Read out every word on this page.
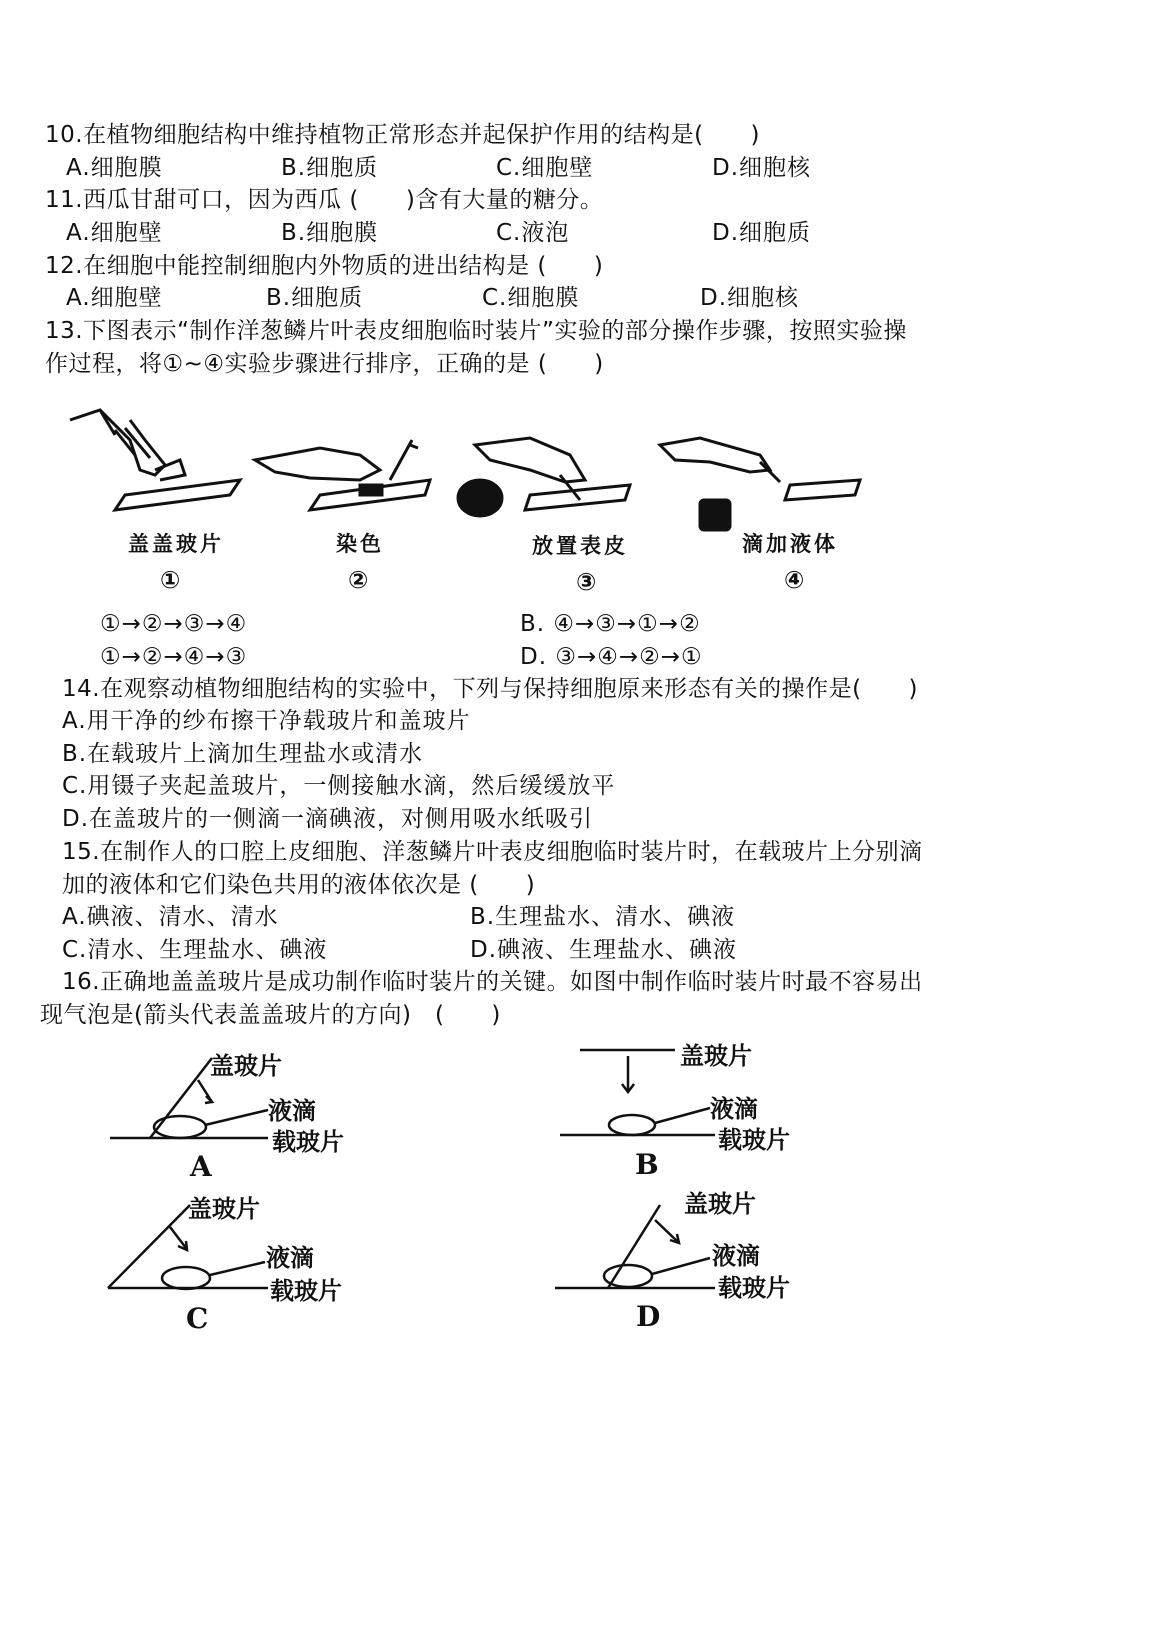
10.在植物细胞结构中维持植物正常形态并起保护作用的结构是(　　)
A.细胞膜	B.细胞质	C.细胞壁	D.细胞核
11.西瓜甘甜可口，因为西瓜 (　　)含有大量的糖分。
A.细胞壁	B.细胞膜	C.液泡	D.细胞质
12.在细胞中能控制细胞内外物质的进出结构是 (　　)
A.细胞壁	B.细胞质	C.细胞膜	D.细胞核
13.下图表示“制作洋葱鳞片叶表皮细胞临时装片”实验的部分操作步骤，按照实验操
作过程，将①~④实验步骤进行排序，正确的是 (　　)
盖盖玻片	染色	放置表皮	滴加液体
①	②	③	④
①→②→③→④	B. ④→③→①→②
①→②→④→③	D. ③→④→②→①
14.在观察动植物细胞结构的实验中，下列与保持细胞原来形态有关的操作是(　　)
A.用干净的纱布擦干净载玻片和盖玻片
B.在载玻片上滴加生理盐水或清水
C.用镊子夹起盖玻片，一侧接触水滴，然后缓缓放平
D.在盖玻片的一侧滴一滴碘液，对侧用吸水纸吸引
15.在制作人的口腔上皮细胞、洋葱鳞片叶表皮细胞临时装片时，在载玻片上分别滴
加的液体和它们染色共用的液体依次是 (　　)
A.碘液、清水、清水	B.生理盐水、清水、碘液
C.清水、生理盐水、碘液	D.碘液、生理盐水、碘液
16.正确地盖盖玻片是成功制作临时装片的关键。如图中制作临时装片时最不容易出
现气泡是(箭头代表盖盖玻片的方向)　(　　)
盖玻片
液滴
载玻片
A
盖玻片
液滴
载玻片
B
盖玻片
液滴
载玻片
C
盖玻片
液滴
载玻片
D
